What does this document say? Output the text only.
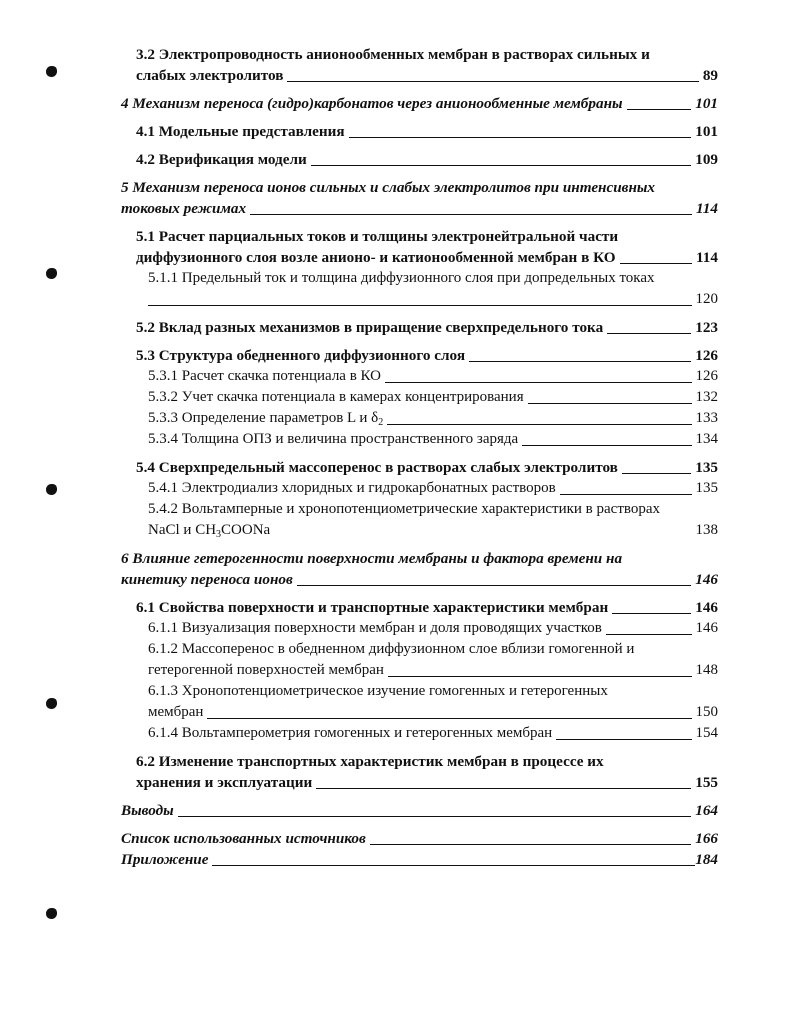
3.2 Электропроводность анионообменных мембран в растворах сильных и
слабых электролитов	89
4 Механизм переноса (гидро)карбонатов через анионообменные мембраны	101
4.1 Модельные представления	101
4.2 Верификация модели	109
5 Механизм переноса ионов сильных и слабых электролитов при интенсивных
токовых режимах	114
5.1 Расчет парциальных токов и толщины электронейтральной части
диффузионного слоя возле анионо- и катионообменной мембран в КО	114
5.1.1 Предельный ток и толщина диффузионного слоя при допредельных токах
120
5.2 Вклад разных механизмов в приращение сверхпредельного тока	123
5.3 Структура обедненного диффузионного слоя	126
5.3.1 Расчет скачка потенциала в КО	126
5.3.2 Учет скачка потенциала в камерах концентрирования	132
5.3.3 Определение параметров L и $\delta_2$	133
5.3.4 Толщина ОПЗ и величина пространственного заряда	134
5.4 Сверхпредельный массоперенос в растворах слабых электролитов	135
5.4.1 Электродиализ хлоридных и гидрокарбонатных растворов	135
5.4.2 Вольтамперные и хронопотенциометрические характеристики в растворах
NaCl и $CH_3COONa$	138
6 Влияние гетерогенности поверхности мембраны и фактора времени на
кинетику переноса ионов	146
6.1 Свойства поверхности и транспортные характеристики мембран	146
6.1.1 Визуализация поверхности мембран и доля проводящих участков	146
6.1.2 Массоперенос в обедненном диффузионном слое вблизи гомогенной и
гетерогенной поверхностей мембран	148
6.1.3 Хронопотенциометрическое изучение гомогенных и гетерогенных
мембран	150
6.1.4 Вольтамперометрия гомогенных и гетерогенных мембран	154
6.2 Изменение транспортных характеристик мембран в процессе их
хранения и эксплуатации	155
Выводы	164
Список использованных источников	166
Приложение	184
